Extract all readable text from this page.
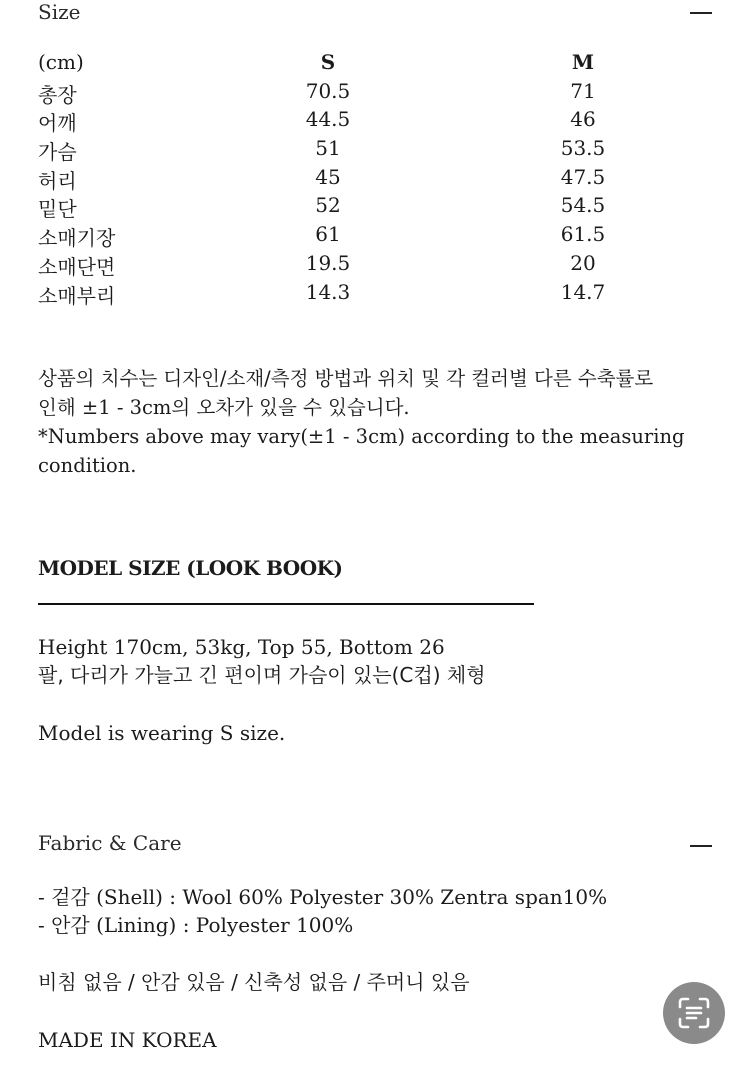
Size
(cm)	S	M
총장	70.5	71
어깨	44.5	46
가슴	51	53.5
허리	45	47.5
밑단	52	54.5
소매기장	61	61.5
소매단면	19.5	20
소매부리	14.3	14.7
상품의 치수는 디자인/소재/측정 방법과 위치 및 각 컬러별 다른 수축률로
인해 ±1 - 3cm의 오차가 있을 수 있습니다.
*Numbers above may vary(±1 - 3cm) according to the measuring
condition.
MODEL SIZE (LOOK BOOK)
Height 170cm, 53kg, Top 55, Bottom 26
팔, 다리가 가늘고 긴 편이며 가슴이 있는(C컵) 체형
Model is wearing S size.
Fabric & Care
- 겉감 (Shell) : Wool 60% Polyester 30% Zentra span10%
- 안감 (Lining) : Polyester 100%
비침 없음 / 안감 있음 / 신축성 없음 / 주머니 있음
MADE IN KOREA
